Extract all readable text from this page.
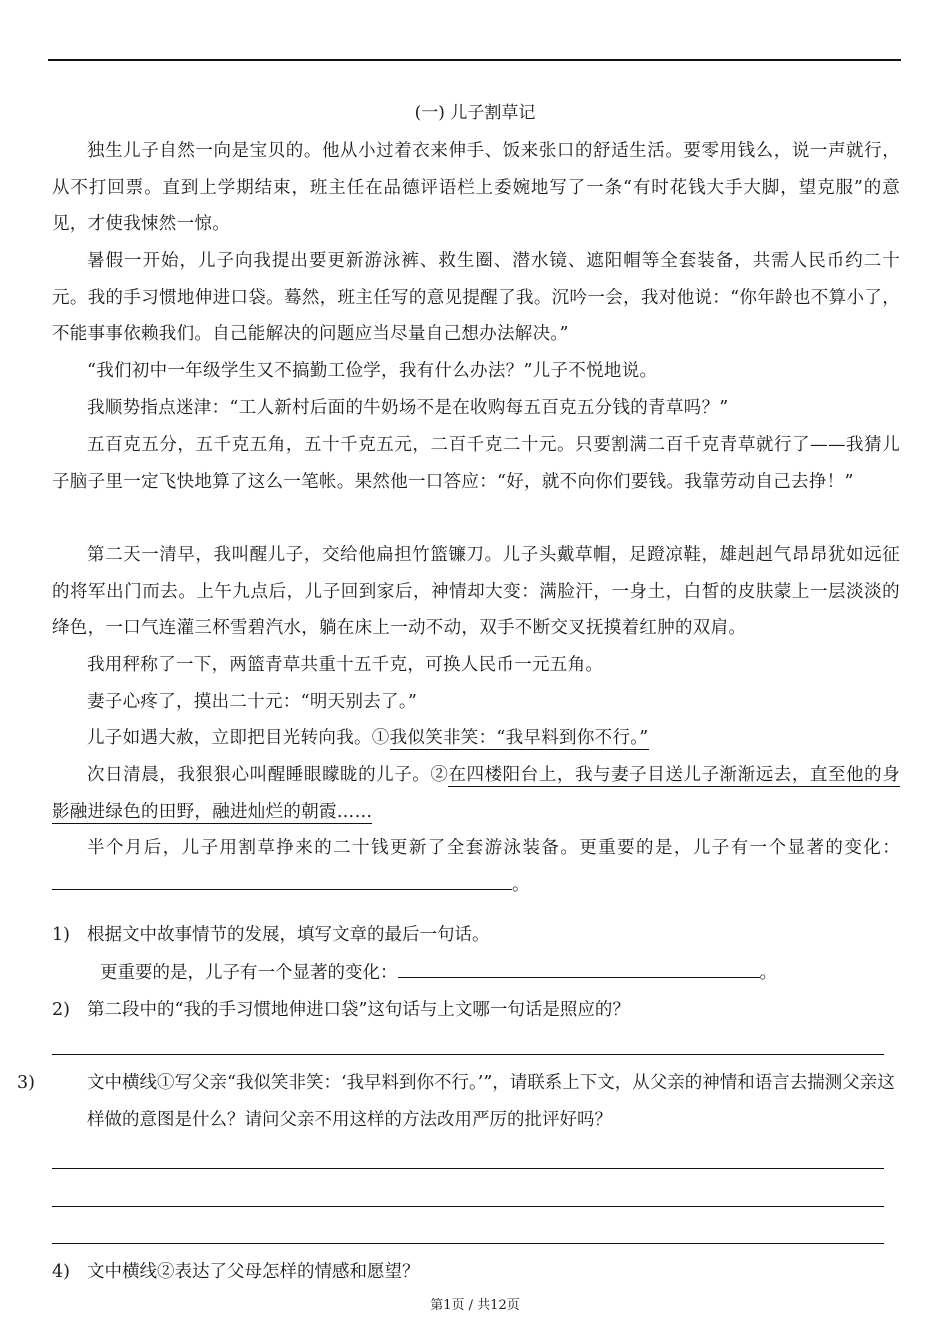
(一) 儿子割草记
独生儿子自然一向是宝贝的。他从小过着衣来伸手、饭来张口的舒适生活。要零用钱么，说一声就行，从不打回票。直到上学期结束，班主任在品德评语栏上委婉地写了一条“有时花钱大手大脚，望克服”的意见，才使我悚然一惊。
暑假一开始，儿子向我提出要更新游泳裤、救生圈、潜水镜、遮阳帽等全套装备，共需人民币约二十元。我的手习惯地伸进口袋。蓦然，班主任写的意见提醒了我。沉吟一会，我对他说：“你年龄也不算小了，不能事事依赖我们。自己能解决的问题应当尽量自己想办法解决。”
“我们初中一年级学生又不搞勤工俭学，我有什么办法？”儿子不悦地说。
我顺势指点迷津：“工人新村后面的牛奶场不是在收购每五百克五分钱的青草吗？”
五百克五分，五千克五角，五十千克五元，二百千克二十元。只要割满二百千克青草就行了——我猜儿子脑子里一定飞快地算了这么一笔帐。果然他一口答应：“好，就不向你们要钱。我靠劳动自己去挣！”
第二天一清早，我叫醒儿子，交给他扁担竹篮镰刀。儿子头戴草帽，足蹬凉鞋，雄赳赳气昂昂犹如远征的将军出门而去。上午九点后，儿子回到家后，神情却大变：满脸汗，一身土，白皙的皮肤蒙上一层淡淡的绛色，一口气连灌三杯雪碧汽水，躺在床上一动不动，双手不断交叉抚摸着红肿的双肩。
我用秤称了一下，两篮青草共重十五千克，可换人民币一元五角。
妻子心疼了，摸出二十元：“明天别去了。”
儿子如遇大赦，立即把目光转向我。①我似笑非笑：“我早料到你不行。”
次日清晨，我狠狠心叫醒睡眼矇眬的儿子。②在四楼阳台上，我与妻子目送儿子渐渐远去，直至他的身影融进绿色的田野，融进灿烂的朝霞……
半个月后，儿子用割草挣来的二十钱更新了全套游泳装备。更重要的是，儿子有一个显著的变化：。
1) 根据文中故事情节的发展，填写文章的最后一句话。
更重要的是，儿子有一个显著的变化：	。
2) 第二段中的“我的手习惯地伸进口袋”这句话与上文哪一句话是照应的？
3)	文中横线①写父亲“我似笑非笑：‘我早料到你不行。’”，请联系上下文，从父亲的神情和语言去揣测父亲这样做的意图是什么？请问父亲不用这样的方法改用严厉的批评好吗？
4) 文中横线②表达了父母怎样的情感和愿望？
第1页 / 共12页
